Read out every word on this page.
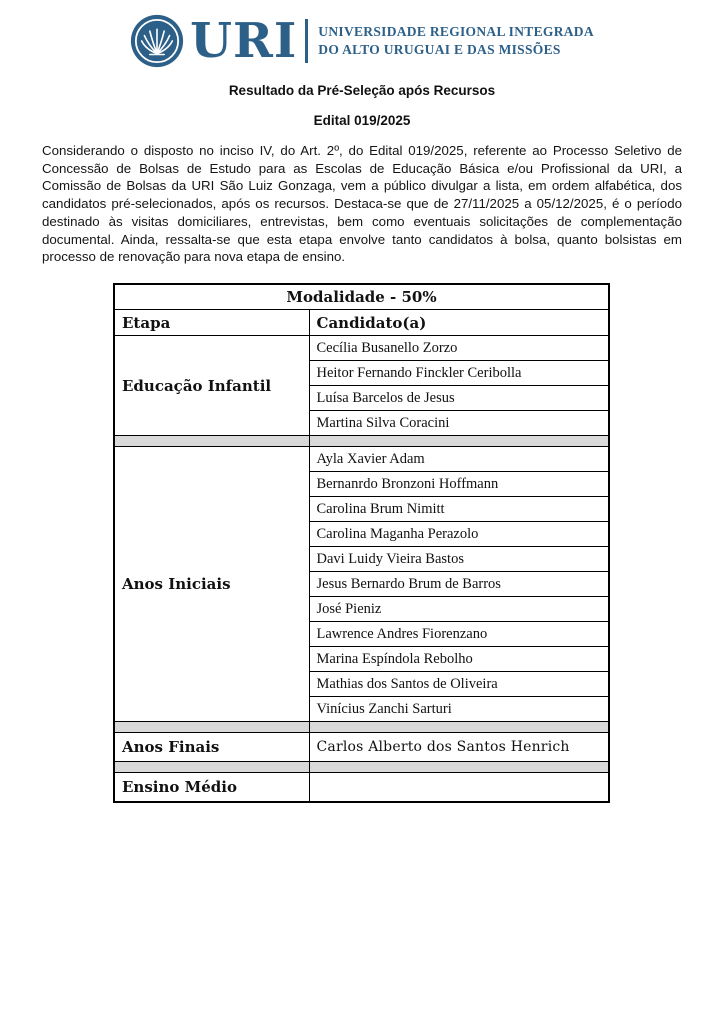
URI UNIVERSIDADE REGIONAL INTEGRADA
DO ALTO URUGUAI E DAS MISSÕES
Resultado da Pré-Seleção após Recursos
Edital 019/2025

Considerando o disposto no inciso IV, do Art. 2º, do Edital 019/2025, referente ao Processo Seletivo de Concessão de Bolsas de Estudo para as Escolas de Educação Básica e/ou Profissional da URI, a Comissão de Bolsas da URI São Luiz Gonzaga, vem a público divulgar a lista, em ordem alfabética, dos candidatos pré-selecionados, após os recursos. Destaca-se que de 27/11/2025 a 05/12/2025, é o período destinado às visitas domiciliares, entrevistas, bem como eventuais solicitações de complementação documental. Ainda, ressalta-se que esta etapa envolve tanto candidatos à bolsa, quanto bolsistas em processo de renovação para nova etapa de ensino.

Modalidade - 50%	
Etapa	Candidato(a)
Educação Infantil	Cecília Busanello Zorzo
	Heitor Fernando Finckler Ceribolla
	Luísa Barcelos de Jesus
	Martina Silva Coracini

Anos Iniciais	Ayla Xavier Adam
	Bernanrdo Bronzoni Hoffmann
	Carolina Brum Nimitt
	Carolina Maganha Perazolo
	Davi Luidy Vieira Bastos
	Jesus Bernardo Brum de Barros
	José Pieniz
	Lawrence Andres Fiorenzano
	Marina Espíndola Rebolho
	Mathias dos Santos de Oliveira
	Vinícius Zanchi Sarturi

Anos Finais	Carlos Alberto dos Santos Henrich

Ensino Médio	
